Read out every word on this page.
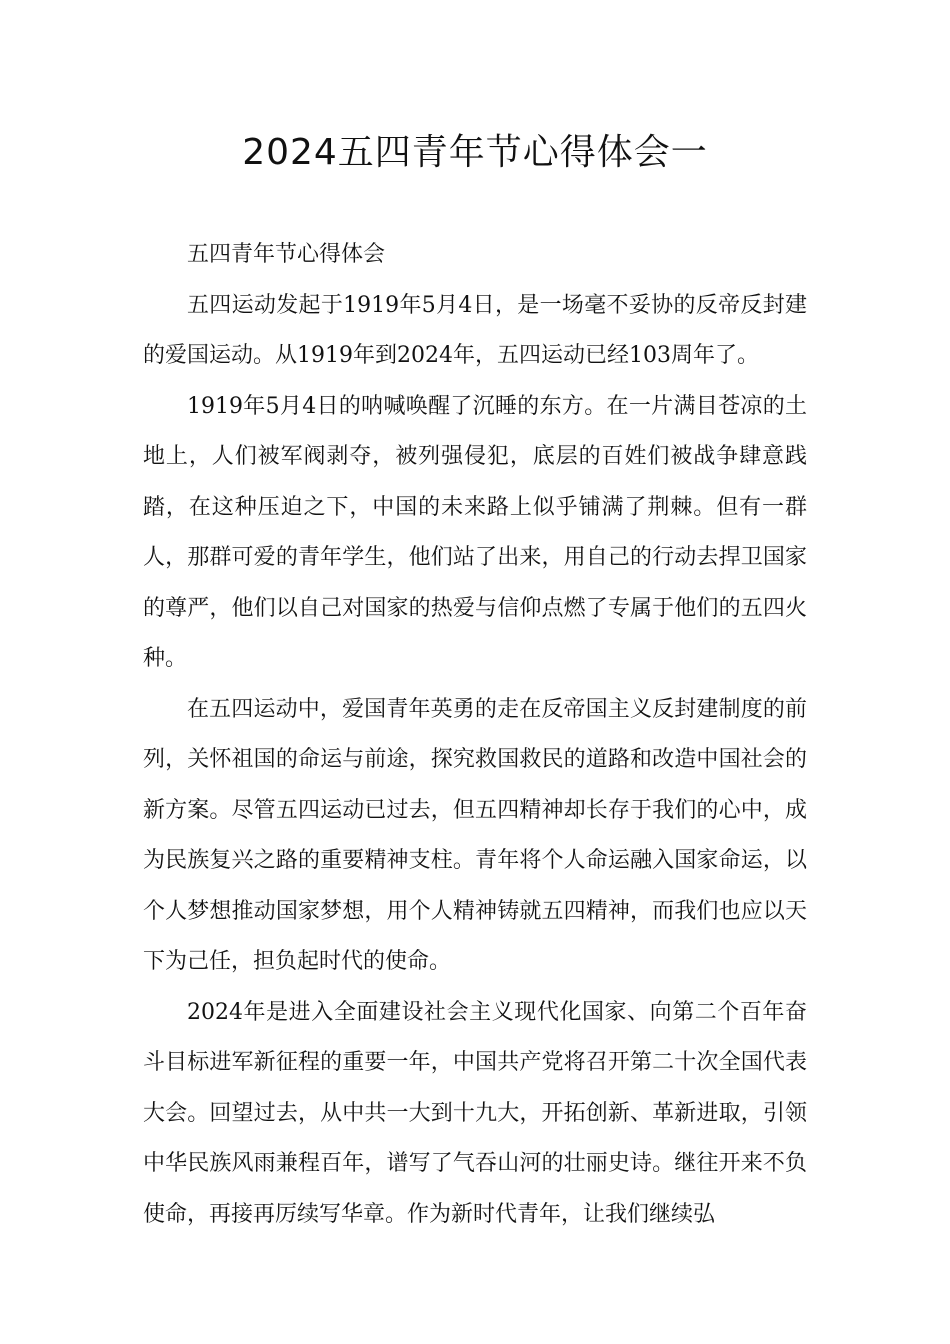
2024五四青年节心得体会一

五四青年节心得体会

五四运动发起于1919年5月4日，是一场毫不妥协的反帝反封建的爱国运动。从1919年到2024年，五四运动已经103周年了。

1919年5月4日的呐喊唤醒了沉睡的东方。在一片满目苍凉的土地上，人们被军阀剥夺，被列强侵犯，底层的百姓们被战争肆意践踏，在这种压迫之下，中国的未来路上似乎铺满了荆棘。但有一群人，那群可爱的青年学生，他们站了出来，用自己的行动去捍卫国家的尊严，他们以自己对国家的热爱与信仰点燃了专属于他们的五四火种。

在五四运动中，爱国青年英勇的走在反帝国主义反封建制度的前列，关怀祖国的命运与前途，探究救国救民的道路和改造中国社会的新方案。尽管五四运动已过去，但五四精神却长存于我们的心中，成为民族复兴之路的重要精神支柱。青年将个人命运融入国家命运，以个人梦想推动国家梦想，用个人精神铸就五四精神，而我们也应以天下为己任，担负起时代的使命。

2024年是进入全面建设社会主义现代化国家、向第二个百年奋斗目标进军新征程的重要一年，中国共产党将召开第二十次全国代表大会。回望过去，从中共一大到十九大，开拓创新、革新进取，引领中华民族风雨兼程百年，谱写了气吞山河的壮丽史诗。继往开来不负使命，再接再厉续写华章。作为新时代青年，让我们继续弘
